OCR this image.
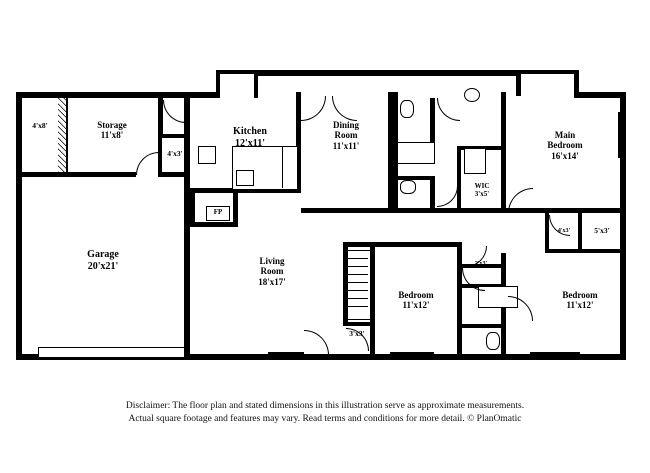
FP
Storage
11'x8'
Garage
20'x21'
Kitchen
12'x11'
Dining
Room
11'x11'
Living
Room
18'x17'
Main
Bedroom
16'x14'
Bedroom
11'x12'
Bedroom
11'x12'
WIC
3'x5'
4'x8'
4'x3'
3'x3'
5'x3'
4'x3'
2'x3'
Disclaimer: The floor plan and stated dimensions in this illustration serve as approximate measurements.
Actual square footage and features may vary. Read terms and conditions for more detail. © PlanOmatic
